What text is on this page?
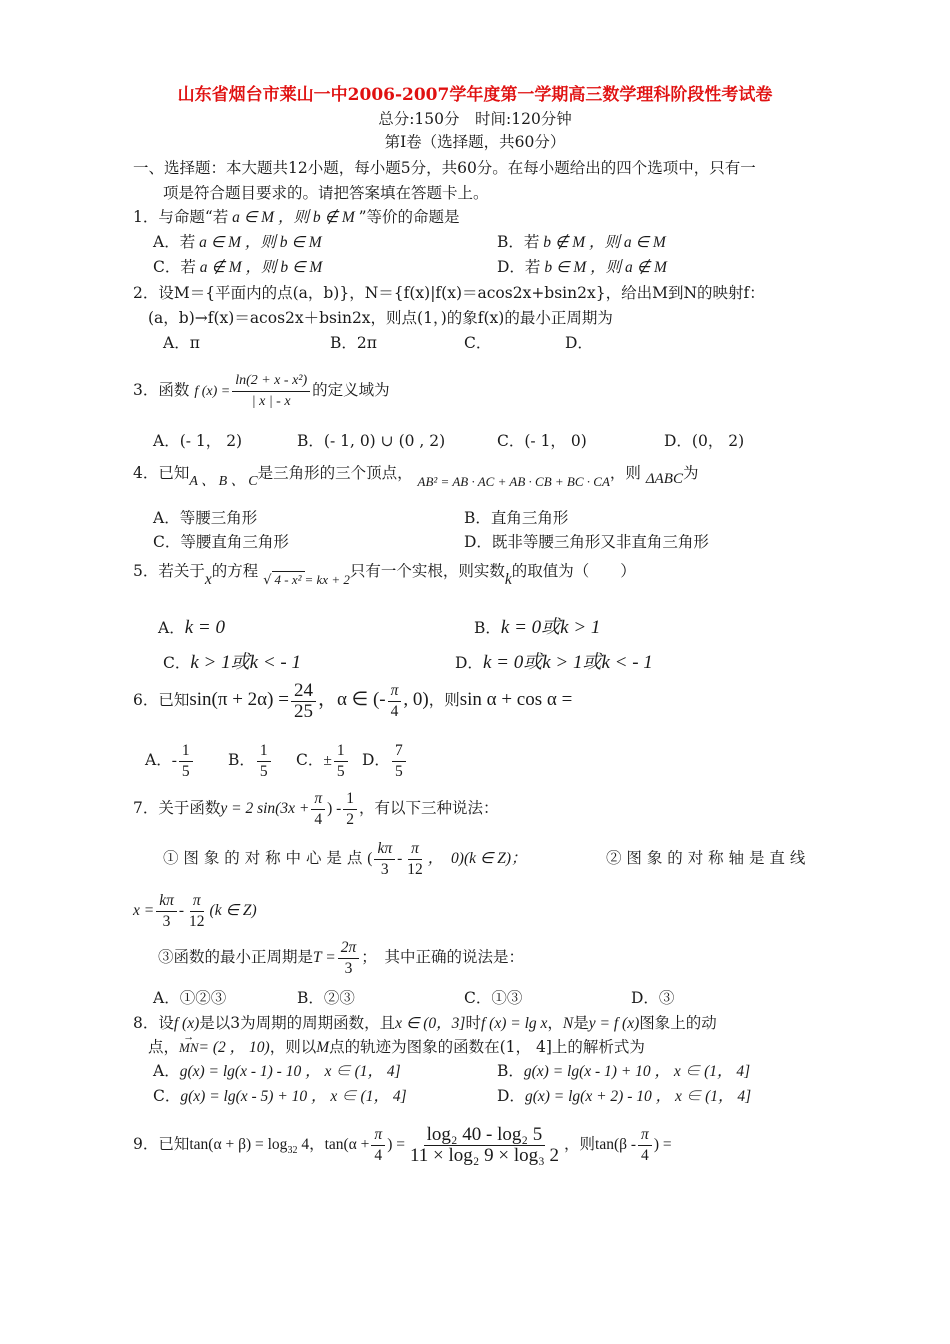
山东省烟台市莱山一中2006-2007学年度第一学期高三数学理科阶段性考试卷
总分:150分　时间:120分钟
第Ⅰ卷（选择题，共60分）
一、选择题：本大题共12小题，每小题5分，共60分。在每小题给出的四个选项中，只有一
项是符合题目要求的。请把答案填在答题卡上。
1．与命题“若 a ∈ M ，则 b ∉ M ”等价的命题是
A．若 a ∈ M ，则 b ∈ M	B．若 b ∉ M ，则 a ∈ M
C．若 a ∉ M ，则 b ∈ M	D．若 b ∈ M ，则 a ∉ M
2．设M＝{平面内的点(a，b)}，N＝{f(x)|f(x)＝acos2x+bsin2x}，给出M到N的映射f：
(a，b)→f(x)＝acos2x＋bsin2x，则点(1，)的象f(x)的最小正周期为
A．π	B．2π	C．	D．
3．函数 f $(x) = \frac{\text{ln(2 + x - x²)}}{| x | - x}$ 的定义域为
A．(- 1， 2)	B．(- 1, 0) ∪ (0 , 2)	C．(- 1， 0)	D．(0， 2)
4．已知A 、 B 、 C是三角形的三个顶点， $_{AB^2 = AB \cdot AC + AB \cdot CB + BC \cdot CA}$，则 ΔABC为
A．等腰三角形	B．直角三角形
C．等腰直角三角形	D．既非等腰三角形又非直角三角形
5．若关于x的方程 $_{√ 4 - x^2 = kx + 2}$只有一个实根，则实数k的取值为（　　）
A．k = 0	B．k = 0或k > 1
C．k > 1或k < - 1	D．k = 0或k > 1或k < - 1
6．已知$\sin(\pi + 2\alpha) = \frac{24}{25}$ ，α ∈ (- $\frac{\pi}{4}$ , 0)，则sin α + cos α =
A．- $\frac{1}{5}$ B． $\frac{1}{5}$ C．± $\frac{1}{5}$ D． $\frac{7}{5}$
7．关于函数y = 2 $\sin(3x + \frac{\pi}{4}$ ) - $\frac{1}{2}$ ，有以下三种说法：
① 图 象 的 对 称 中 心 是 点 ( $\frac{k\pi}{3} - \frac{\pi}{12}$ ，　0)(k ∈ Z)；	② 图 象 的 对 称 轴 是 直 线
$x = \frac{k\pi}{3} - \frac{\pi}{12} (k$ ∈ Z)
③函数的最小正周期是$T = \frac{2\pi}{3}$ ；　其中正确的说法是：
A．①②③	B．②③	C．①③	D．③
8．设f (x)是以3为周期的周期函数，且x ∈ (0，3]时f (x) = lg x，N是y = f (x)图象上的动
点，→ MN= (2 ， 10)，则以M点的轨迹为图象的函数在(1， 4]上的解析式为
A．g(x) = lg(x - 1) - 10 ， x ∈ (1， 4]	B．g(x) = lg(x - 1) + 10 ， x ∈ (1， 4]
C．g(x) = lg(x - 5) + 10 ， x ∈ (1， 4]	D．g(x) = lg(x + 2) - 10 ， x ∈ (1， 4]
9．已知$\tan(\alpha + \beta) = \log_{32} 4$，$\tan(\alpha + \frac{\pi}{4}$ ) = $\frac{\text{log₂ 40 - log₂ 5}}{\text{11 × log₂ 9 × log₃ 2}}$ ，则$\tan(\beta - \frac{\pi}{4}$ ) =
